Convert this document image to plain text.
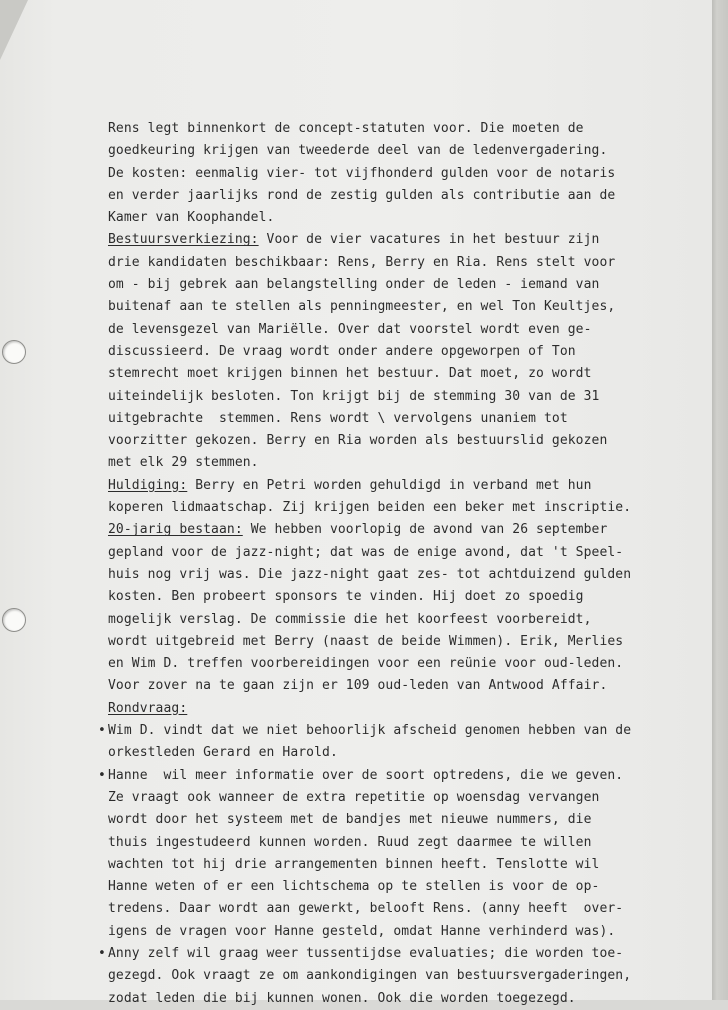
Rens legt binnenkort de concept-statuten voor. Die moeten de
goedkeuring krijgen van tweederde deel van de ledenvergadering.
De kosten: eenmalig vier- tot vijfhonderd gulden voor de notaris
en verder jaarlijks rond de zestig gulden als contributie aan de
Kamer van Koophandel.
Bestuursverkiezing: Voor de vier vacatures in het bestuur zijn
drie kandidaten beschikbaar: Rens, Berry en Ria. Rens stelt voor
om - bij gebrek aan belangstelling onder de leden - iemand van
buitenaf aan te stellen als penningmeester, en wel Ton Keultjes,
de levensgezel van Mariëlle. Over dat voorstel wordt even ge-
discussieerd. De vraag wordt onder andere opgeworpen of Ton
stemrecht moet krijgen binnen het bestuur. Dat moet, zo wordt
uiteindelijk besloten. Ton krijgt bij de stemming 30 van de 31
uitgebrachte  stemmen. Rens wordt \ vervolgens unaniem tot
voorzitter gekozen. Berry en Ria worden als bestuurslid gekozen
met elk 29 stemmen.
Huldiging: Berry en Petri worden gehuldigd in verband met hun
koperen lidmaatschap. Zij krijgen beiden een beker met inscriptie.
20-jarig bestaan: We hebben voorlopig de avond van 26 september
gepland voor de jazz-night; dat was de enige avond, dat 't Speel-
huis nog vrij was. Die jazz-night gaat zes- tot achtduizend gulden
kosten. Ben probeert sponsors te vinden. Hij doet zo spoedig
mogelijk verslag. De commissie die het koorfeest voorbereidt,
wordt uitgebreid met Berry (naast de beide Wimmen). Erik, Merlies
en Wim D. treffen voorbereidingen voor een reünie voor oud-leden.
Voor zover na te gaan zijn er 109 oud-leden van Antwood Affair.
Rondvraag:
• Wim D. vindt dat we niet behoorlijk afscheid genomen hebben van de
orkestleden Gerard en Harold.
• Hanne  wil meer informatie over de soort optredens, die we geven.
Ze vraagt ook wanneer de extra repetitie op woensdag vervangen
wordt door het systeem met de bandjes met nieuwe nummers, die
thuis ingestudeerd kunnen worden. Ruud zegt daarmee te willen
wachten tot hij drie arrangementen binnen heeft. Tenslotte wil
Hanne weten of er een lichtschema op te stellen is voor de op-
tredens. Daar wordt aan gewerkt, belooft Rens. (anny heeft  over-
igens de vragen voor Hanne gesteld, omdat Hanne verhinderd was).
• Anny zelf wil graag weer tussentijdse evaluaties; die worden toe-
gezegd. Ook vraagt ze om aankondigingen van bestuursvergaderingen,
zodat leden die bij kunnen wonen. Ook die worden toegezegd.
